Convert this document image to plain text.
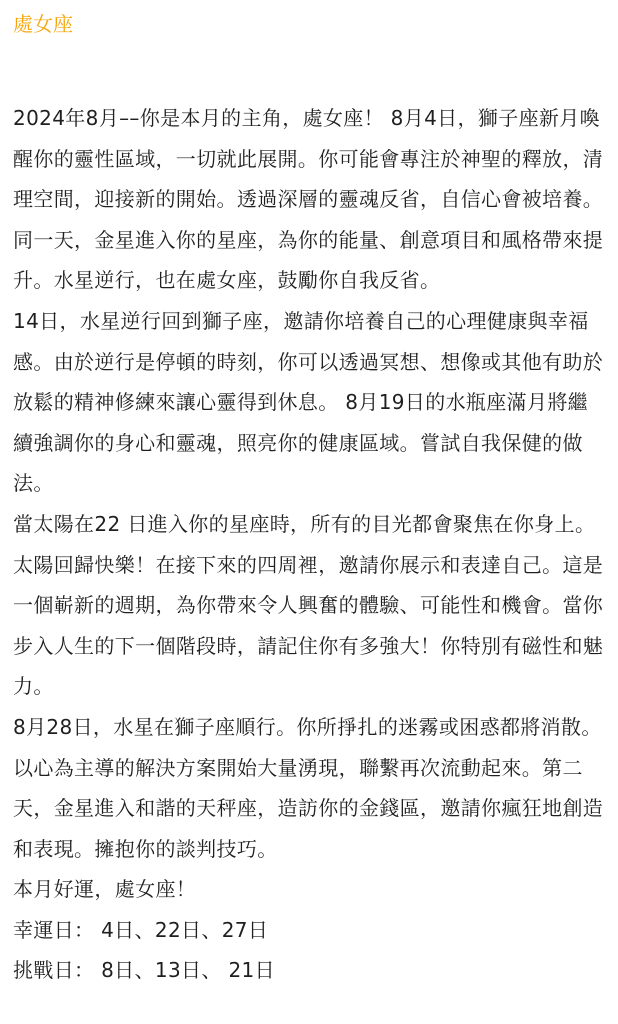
處女座

2024年8月––你是本月的主角，處女座！ 8月4日，獅子座新月喚醒你的靈性區域，一切就此展開。你可能會專注於神聖的釋放，清理空間，迎接新的開始。透過深層的靈魂反省，自信心會被培養。同一天，金星進入你的星座，為你的能量、創意項目和風格帶來提升。水星逆行，也在處女座，鼓勵你自我反省。

14日，水星逆行回到獅子座，邀請你培養自己的心理健康與幸福感。由於逆行是停頓的時刻，你可以透過冥想、想像或其他有助於放鬆的精神修練來讓心靈得到休息。 8月19日的水瓶座滿月將繼續強調你的身心和靈魂，照亮你的健康區域。嘗試自我保健的做法。

當太陽在22 日進入你的星座時，所有的目光都會聚焦在你身上。太陽回歸快樂！在接下來的四周裡，邀請你展示和表達自己。這是一個嶄新的週期，為你帶來令人興奮的體驗、可能性和機會。當你步入人生的下一個階段時，請記住你有多強大！你特別有磁性和魅力。

8月28日，水星在獅子座順行。你所掙扎的迷霧或困惑都將消散。以心為主導的解決方案開始大量湧現，聯繫再次流動起來。第二天，金星進入和諧的天秤座，造訪你的金錢區，邀請你瘋狂地創造和表現。擁抱你的談判技巧。

本月好運，處女座！

幸運日： 4日、22日、27日

挑戰日： 8日、13日、 21日
